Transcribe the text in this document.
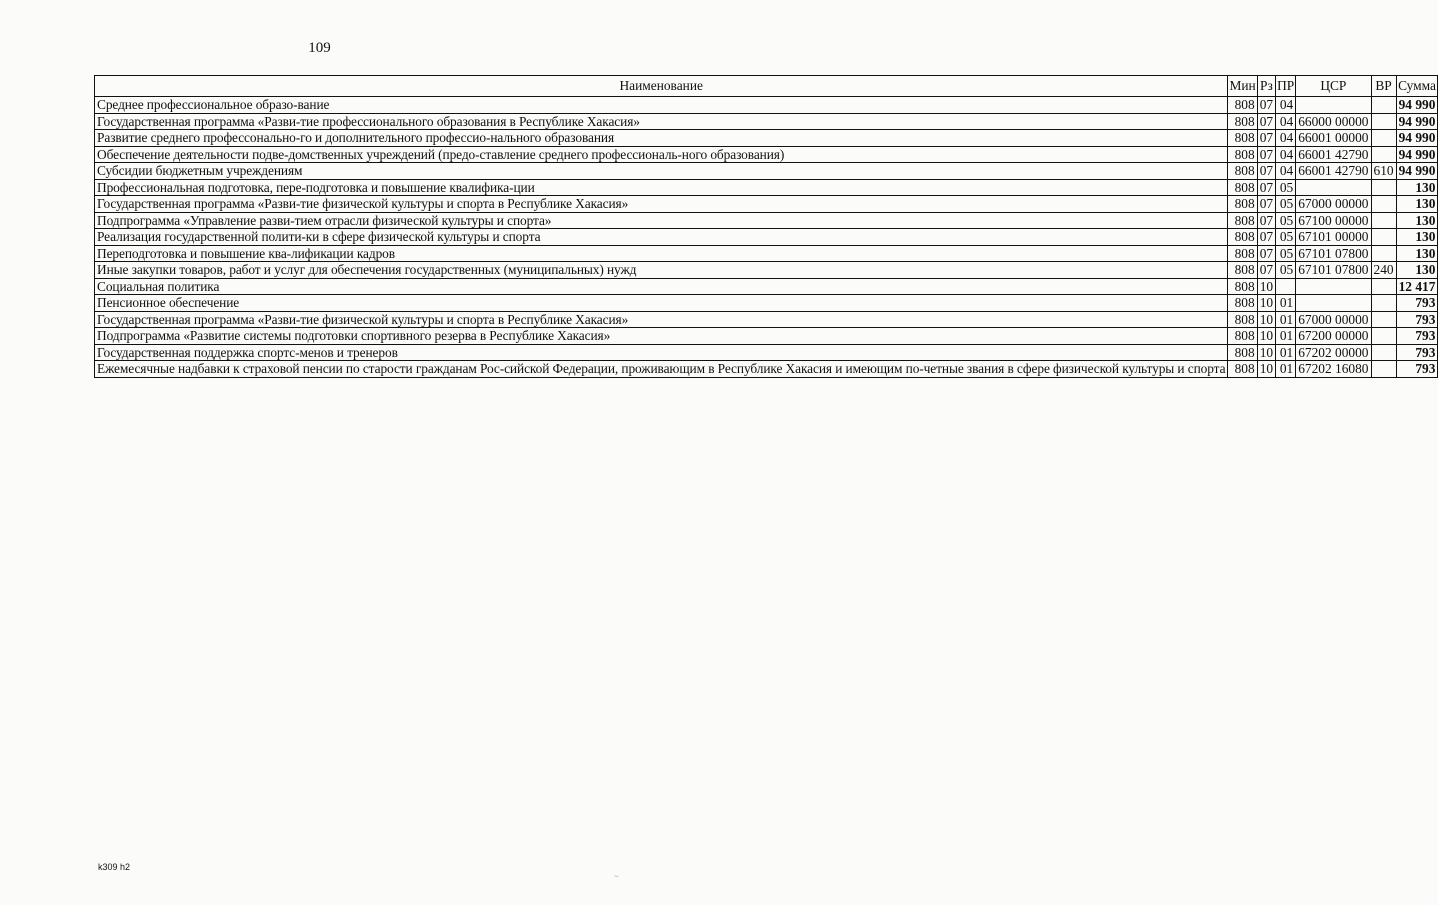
109
Наименование	Мин	Рз	ПР	ЦСР	ВР	Сумма
Среднее профессиональное образо-вание	808	07	04			94 990
Государственная программа «Разви-тие профессионального образования в Республике Хакасия»	808	07	04	66000 00000		94 990
Развитие среднего профессонально-го и дополнительного профессио-нального образования	808	07	04	66001 00000		94 990
Обеспечение деятельности подве-домственных учреждений (предо-ставление среднего профессиональ-ного образования)	808	07	04	66001 42790		94 990
Субсидии бюджетным учреждениям	808	07	04	66001 42790	610	94 990
Профессиональная подготовка, пере-подготовка и повышение квалифика-ции	808	07	05			130
Государственная программа «Разви-тие физической культуры и спорта в Республике Хакасия»	808	07	05	67000 00000		130
Подпрограмма «Управление разви-тием отрасли физической культуры и спорта»	808	07	05	67100 00000		130
Реализация государственной полити-ки в сфере физической культуры и спорта	808	07	05	67101 00000		130
Переподготовка и повышение ква-лификации кадров	808	07	05	67101 07800		130
Иные закупки товаров, работ и услуг для обеспечения государственных (муниципальных) нужд	808	07	05	67101 07800	240	130
Социальная политика	808	10				12 417
Пенсионное обеспечение	808	10	01			793
Государственная программа «Разви-тие физической культуры и спорта в Республике Хакасия»	808	10	01	67000 00000		793
Подпрограмма «Развитие системы подготовки спортивного резерва в Республике Хакасия»	808	10	01	67200 00000		793
Государственная поддержка спортс-менов и тренеров	808	10	01	67202 00000		793
Ежемесячные надбавки к страховой пенсии по старости гражданам Рос-сийской Федерации, проживающим в Республике Хакасия и имеющим по-четные звания в сфере физической культуры и спорта	808	10	01	67202 16080		793
k309 h2
~
